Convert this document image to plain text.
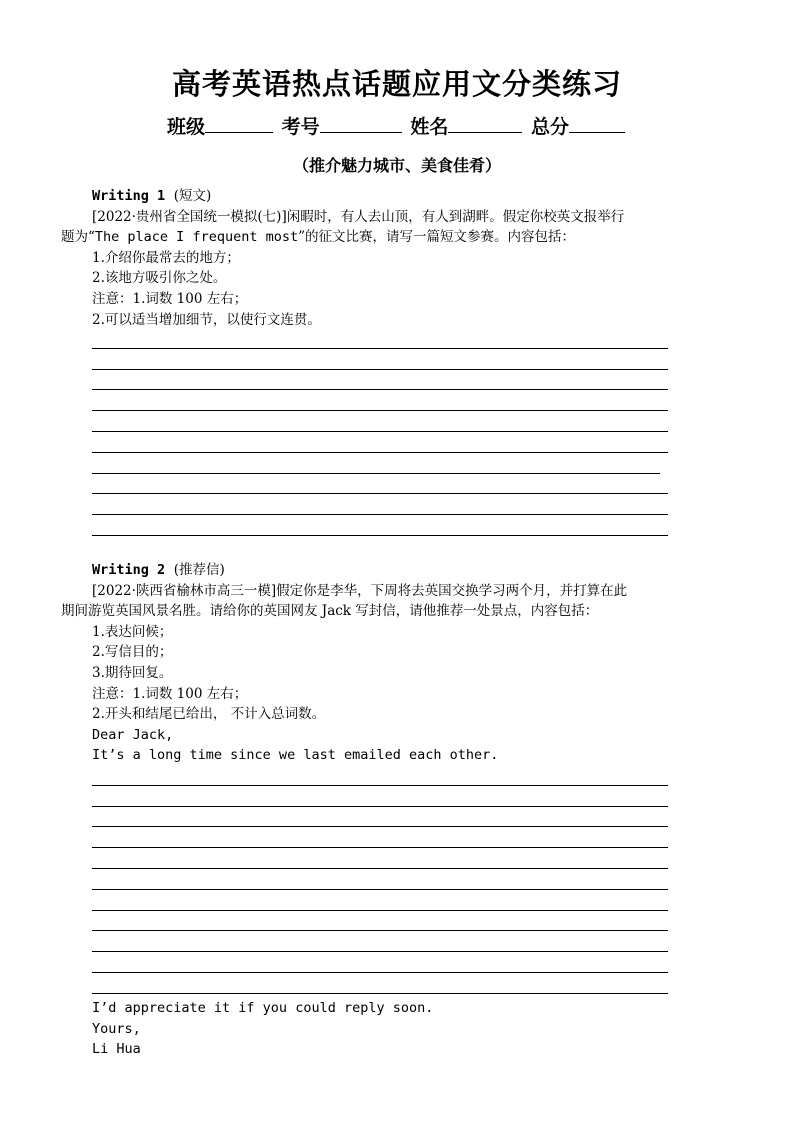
高考英语热点话题应用文分类练习
班级	考号	姓名	总分
（推介魅力城市、美食佳肴）

Writing 1 (短文)

[2022·贵州省全国统一模拟(七)]闲暇时，有人去山顶，有人到湖畔。假定你校英文报举行

题为“The place I frequent most”的征文比赛，请写一篇短文参赛。内容包括：

1.介绍你最常去的地方；

2.该地方吸引你之处。

注意：1.词数 100 左右；

2.可以适当增加细节，以使行文连贯。

Writing 2 (推荐信)

[2022·陕西省榆林市高三一模]假定你是李华，下周将去英国交换学习两个月，并打算在此

期间游览英国风景名胜。请给你的英国网友 Jack 写封信，请他推荐一处景点，内容包括：

1.表达问候；

2.写信目的；

3.期待回复。

注意：1.词数 100 左右；

2.开头和结尾已给出， 不计入总词数。

Dear Jack,

It’s a long time since we last emailed each other.

I’d appreciate it if you could reply soon.

Yours,

Li Hua
